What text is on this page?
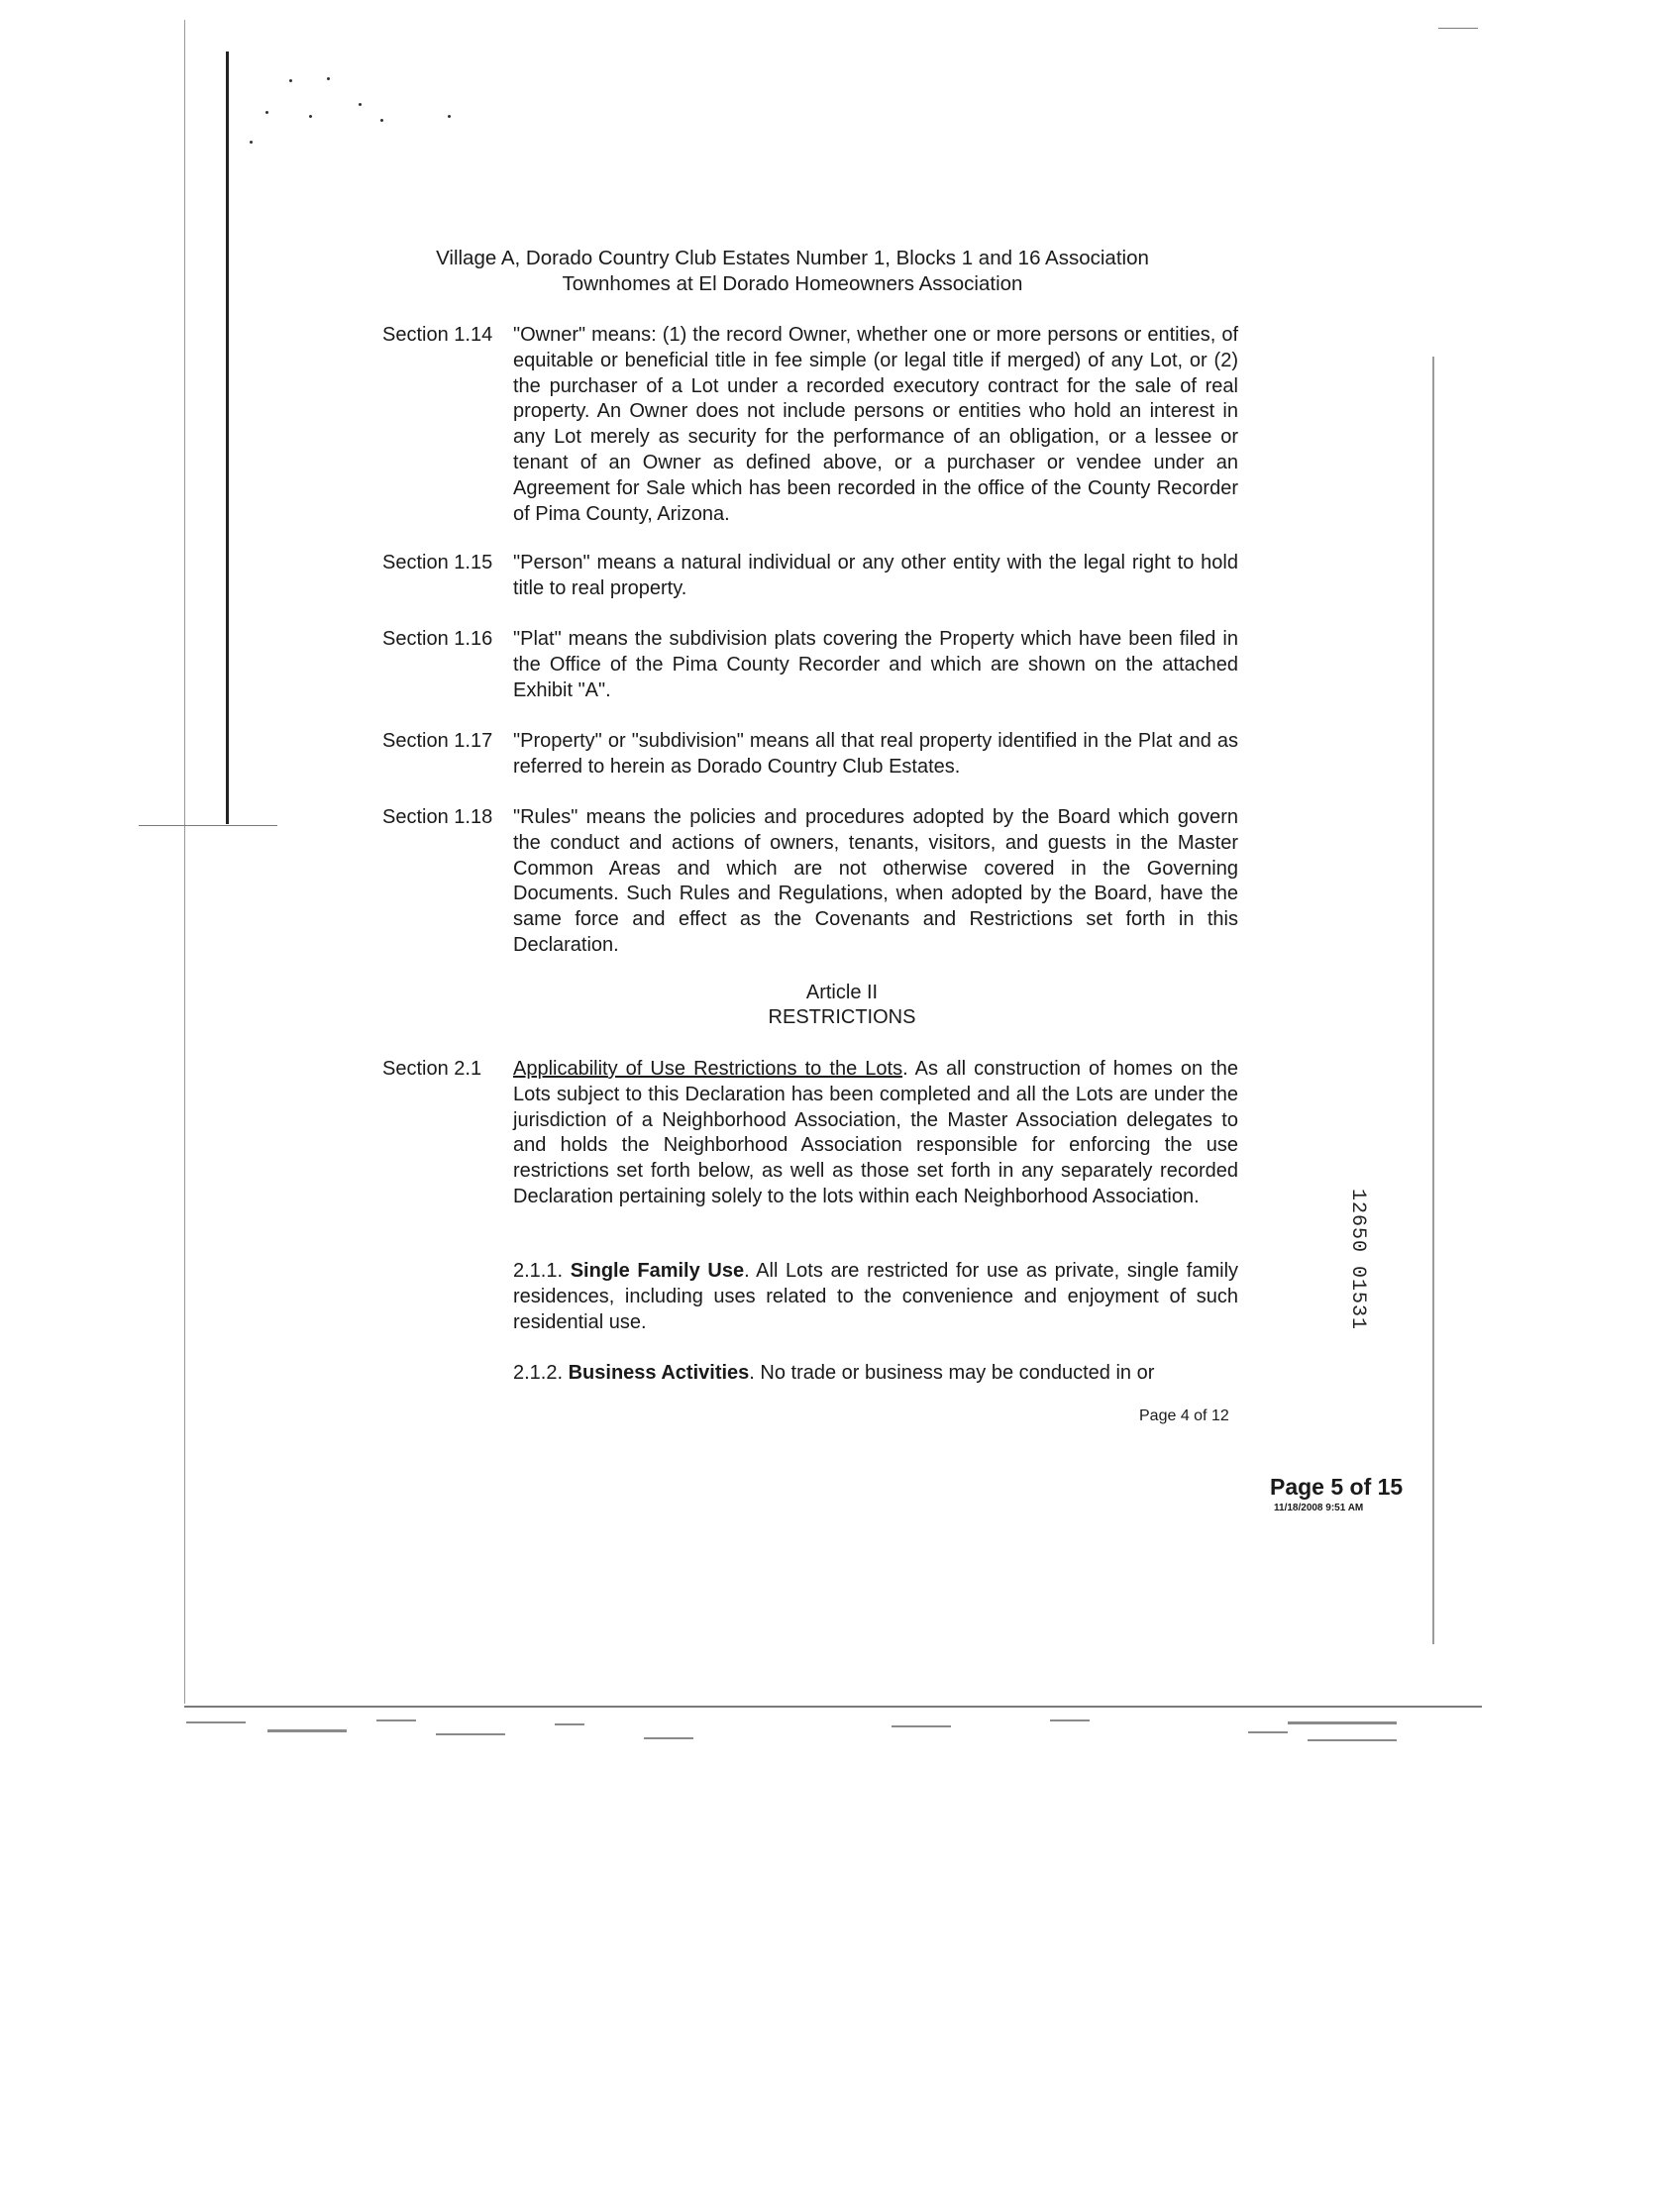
Village A, Dorado Country Club Estates Number 1, Blocks 1 and 16 Association
Townhomes at El Dorado Homeowners Association
Section 1.14 "Owner" means: (1) the record Owner, whether one or more persons or entities, of equitable or beneficial title in fee simple (or legal title if merged) of any Lot, or (2) the purchaser of a Lot under a recorded executory contract for the sale of real property. An Owner does not include persons or entities who hold an interest in any Lot merely as security for the performance of an obligation, or a lessee or tenant of an Owner as defined above, or a purchaser or vendee under an Agreement for Sale which has been recorded in the office of the County Recorder of Pima County, Arizona.
Section 1.15 "Person" means a natural individual or any other entity with the legal right to hold title to real property.
Section 1.16 "Plat" means the subdivision plats covering the Property which have been filed in the Office of the Pima County Recorder and which are shown on the attached Exhibit "A".
Section 1.17 "Property" or "subdivision" means all that real property identified in the Plat and as referred to herein as Dorado Country Club Estates.
Section 1.18 "Rules" means the policies and procedures adopted by the Board which govern the conduct and actions of owners, tenants, visitors, and guests in the Master Common Areas and which are not otherwise covered in the Governing Documents. Such Rules and Regulations, when adopted by the Board, have the same force and effect as the Covenants and Restrictions set forth in this Declaration.
Article II
RESTRICTIONS
Section 2.1 Applicability of Use Restrictions to the Lots. As all construction of homes on the Lots subject to this Declaration has been completed and all the Lots are under the jurisdiction of a Neighborhood Association, the Master Association delegates to and holds the Neighborhood Association responsible for enforcing the use restrictions set forth below, as well as those set forth in any separately recorded Declaration pertaining solely to the lots within each Neighborhood Association.
2.1.1. Single Family Use. All Lots are restricted for use as private, single family residences, including uses related to the convenience and enjoyment of such residential use.
2.1.2. Business Activities. No trade or business may be conducted in or
Page 4 of 12
Page 5 of 15
11/18/2008 9:51 AM
12650 01531
